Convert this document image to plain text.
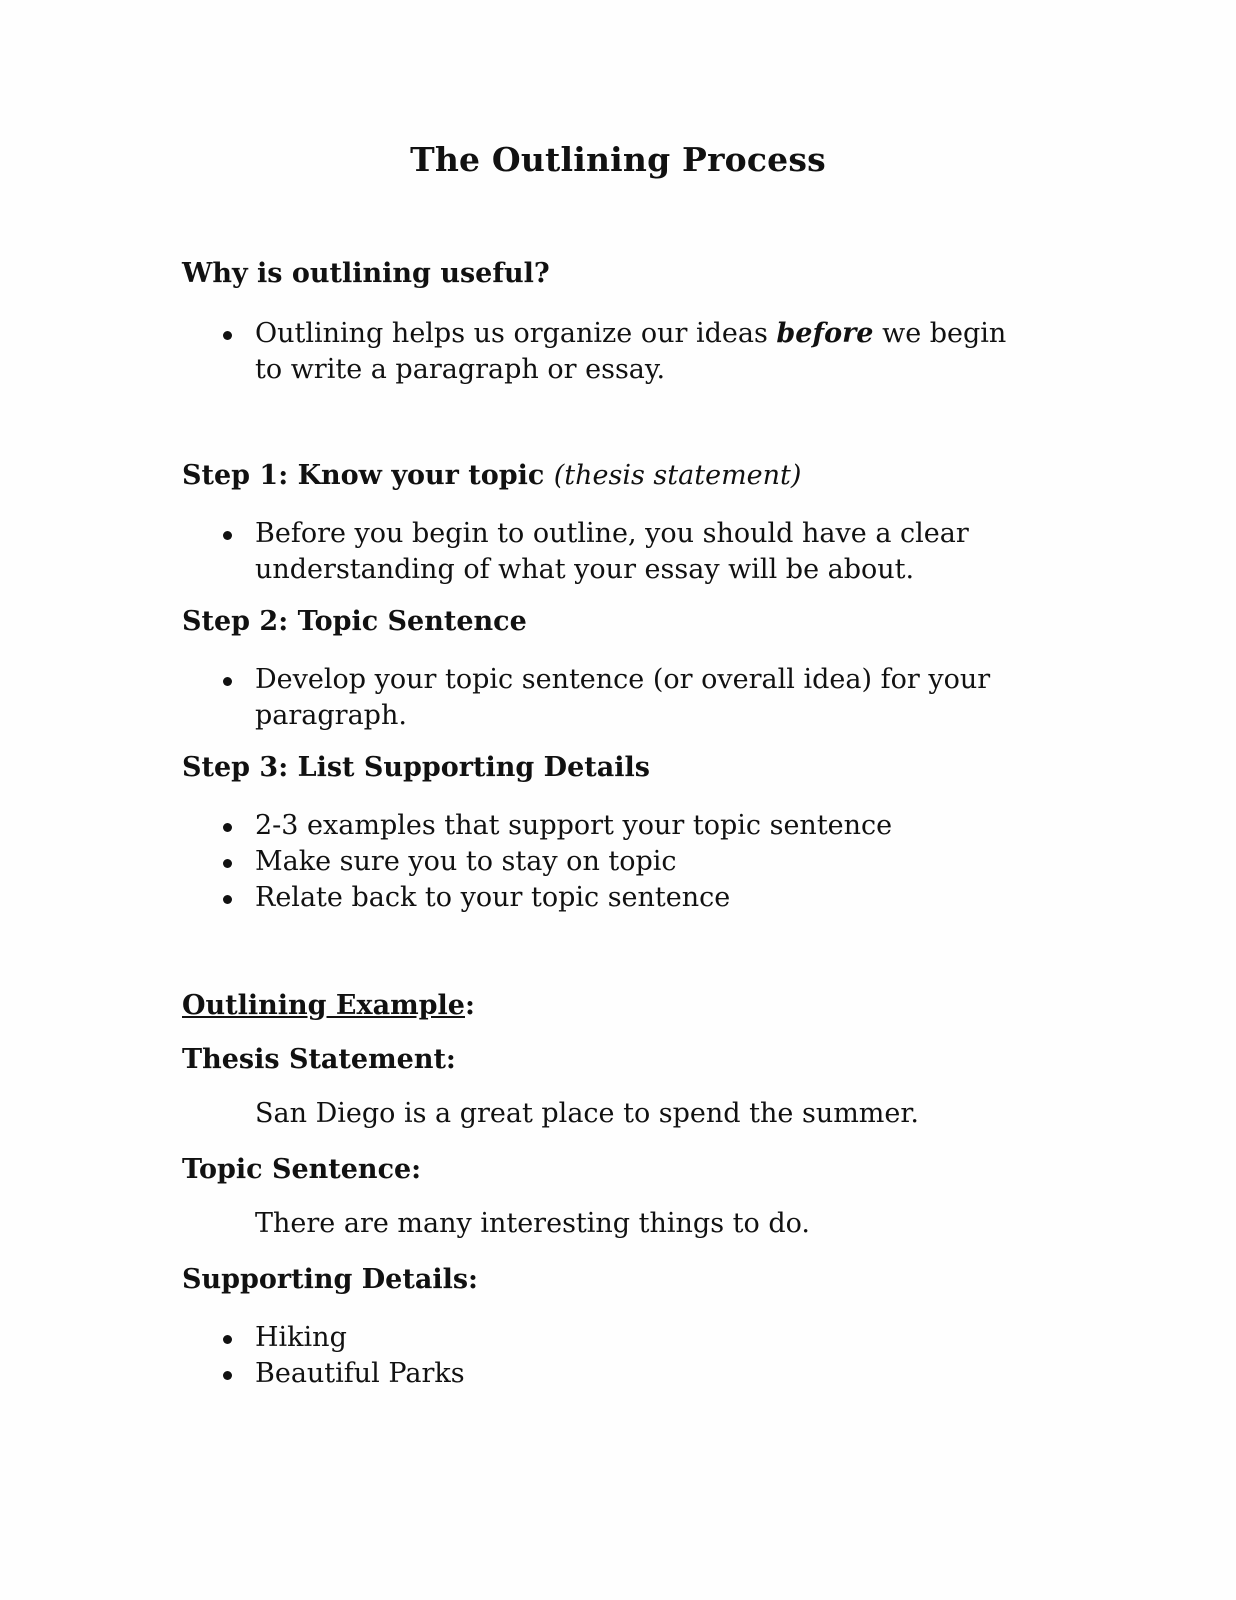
The Outlining Process
Why is outlining useful?
Outlining helps us organize our ideas before we begin to write a paragraph or essay.
Step 1: Know your topic (thesis statement)
Before you begin to outline, you should have a clear understanding of what your essay will be about.
Step 2: Topic Sentence
Develop your topic sentence (or overall idea) for your paragraph.
Step 3: List Supporting Details
2-3 examples that support your topic sentence
Make sure you to stay on topic
Relate back to your topic sentence
Outlining Example:
Thesis Statement:
San Diego is a great place to spend the summer.
Topic Sentence:
There are many interesting things to do.
Supporting Details:
Hiking
Beautiful Parks
